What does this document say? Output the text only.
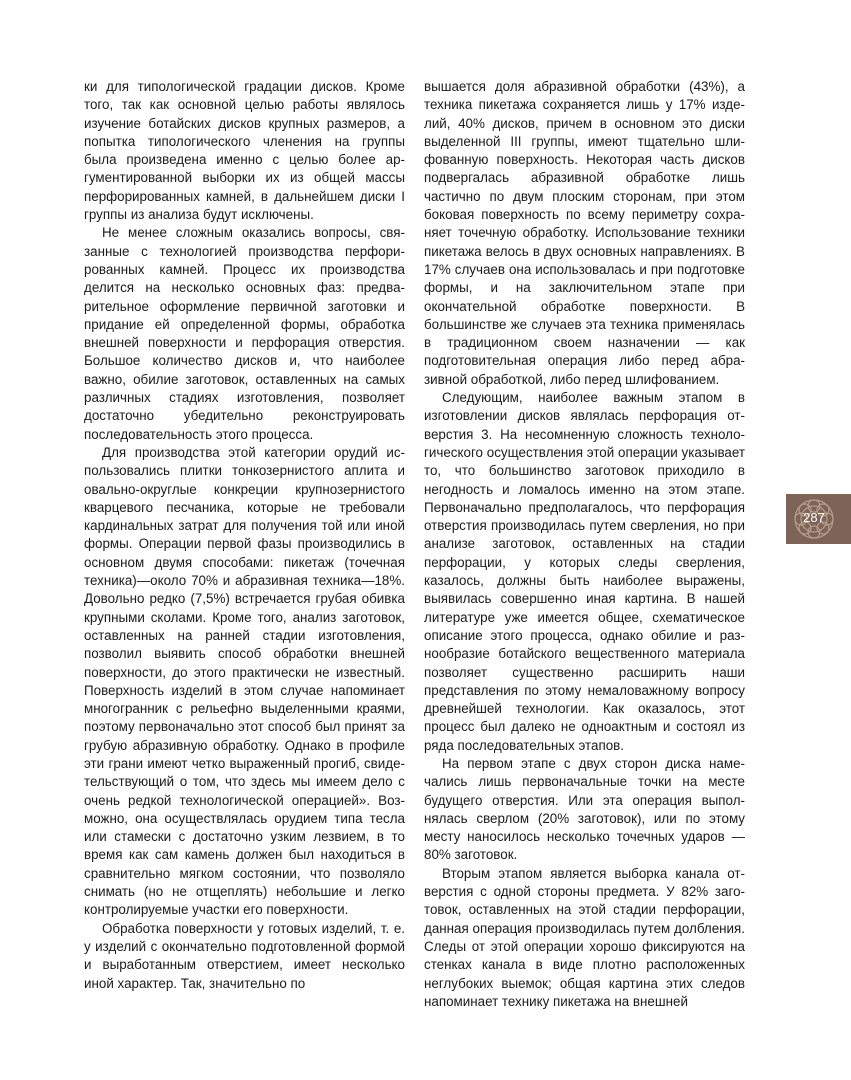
ки для типологической градации дисков. Кроме того, так как основной целью работы являлось изучение ботайских дисков крупных размеров, а попытка типологического членения на группы была произведена именно с целью более аргументированной выборки их из общей массы перфорированных камней, в дальнейшем диски I группы из анализа будут исключены.

Не менее сложным оказались вопросы, связанные с технологией производства перфорированных камней. Процесс их производства делится на несколько основных фаз: предварительное оформление первичной заготовки и придание ей определенной формы, обработка внешней поверхности и перфорация отверстия. Большое количество дисков и, что наиболее важно, обилие заготовок, оставленных на самых различных стадиях изготовления, позволяет достаточно убедительно реконструировать последовательность этого процесса.

Для производства этой категории орудий использовались плитки тонкозернистого аплита и овально-округлые конкреции крупнозернистого кварцевого песчаника, которые не требовали кардинальных затрат для получения той или иной формы. Операции первой фазы производились в основном двумя способами: пикетаж (точечная техника)—около 70% и абразивная техника—18%. Довольно редко (7,5%) встречается грубая обивка крупными сколами. Кроме того, анализ заготовок, оставленных на ранней стадии изготовления, позволил выявить способ обработки внешней поверхности, до этого практически не известный. Поверхность изделий в этом случае напоминает многогранник с рельефно выделенными краями, поэтому первоначально этот способ был принят за грубую абразивную обработку. Однако в профиле эти грани имеют четко выраженный прогиб, свидетельствующий о том, что здесь мы имеем дело с очень редкой технологической операцией». Возможно, она осуществлялась орудием типа тесла или стамески с достаточно узким лезвием, в то время как сам камень должен был находиться в сравнительно мягком состоянии, что позволяло снимать (но не отщеплять) небольшие и легко контролируемые участки его поверхности.

Обработка поверхности у готовых изделий, т. е. у изделий с окончательно подготовленной формой и выработанным отверстием, имеет несколько иной характер. Так, значительно по

вышается доля абразивной обработки (43%), а техника пикетажа сохраняется лишь у 17% изделий, 40% дисков, причем в основном это диски выделенной III группы, имеют тщательно шлифованную поверхность. Некоторая часть дисков подвергалась абразивной обработке лишь частично по двум плоским сторонам, при этом боковая поверхность по всему периметру сохраняет точечную обработку. Использование техники пикетажа велось в двух основных направлениях. В 17% случаев она использовалась и при подготовке формы, и на заключительном этапе при окончательной обработке поверхности. В большинстве же случаев эта техника применялась в традиционном своем назначении — как подготовительная операция либо перед абразивной обработкой, либо перед шлифованием.

Следующим, наиболее важным этапом в изготовлении дисков являлась перфорация отверстия 3. На несомненную сложность технологического осуществления этой операции указывает то, что большинство заготовок приходило в негодность и ломалось именно на этом этапе. Первоначально предполагалось, что перфорация отверстия производилась путем сверления, но при анализе заготовок, оставленных на стадии перфорации, у которых следы сверления, казалось, должны быть наиболее выражены, выявилась совершенно иная картина. В нашей литературе уже имеется общее, схематическое описание этого процесса, однако обилие и разнообразие ботайского вещественного материала позволяет существенно расширить наши представления по этому немаловажному вопросу древнейшей технологии. Как оказалось, этот процесс был далеко не одноактным и состоял из ряда последовательных этапов.

На первом этапе с двух сторон диска намечались лишь первоначальные точки на месте будущего отверстия. Или эта операция выполнялась сверлом (20% заготовок), или по этому месту наносилось несколько точечных ударов — 80% заготовок.

Вторым этапом является выборка канала отверстия с одной стороны предмета. У 82% заготовок, оставленных на этой стадии перфорации, данная операция производилась путем долбления. Следы от этой операции хорошо фиксируются на стенках канала в виде плотно расположенных неглубоких выемок; общая картина этих следов напоминает технику пикетажа на внешней

287
